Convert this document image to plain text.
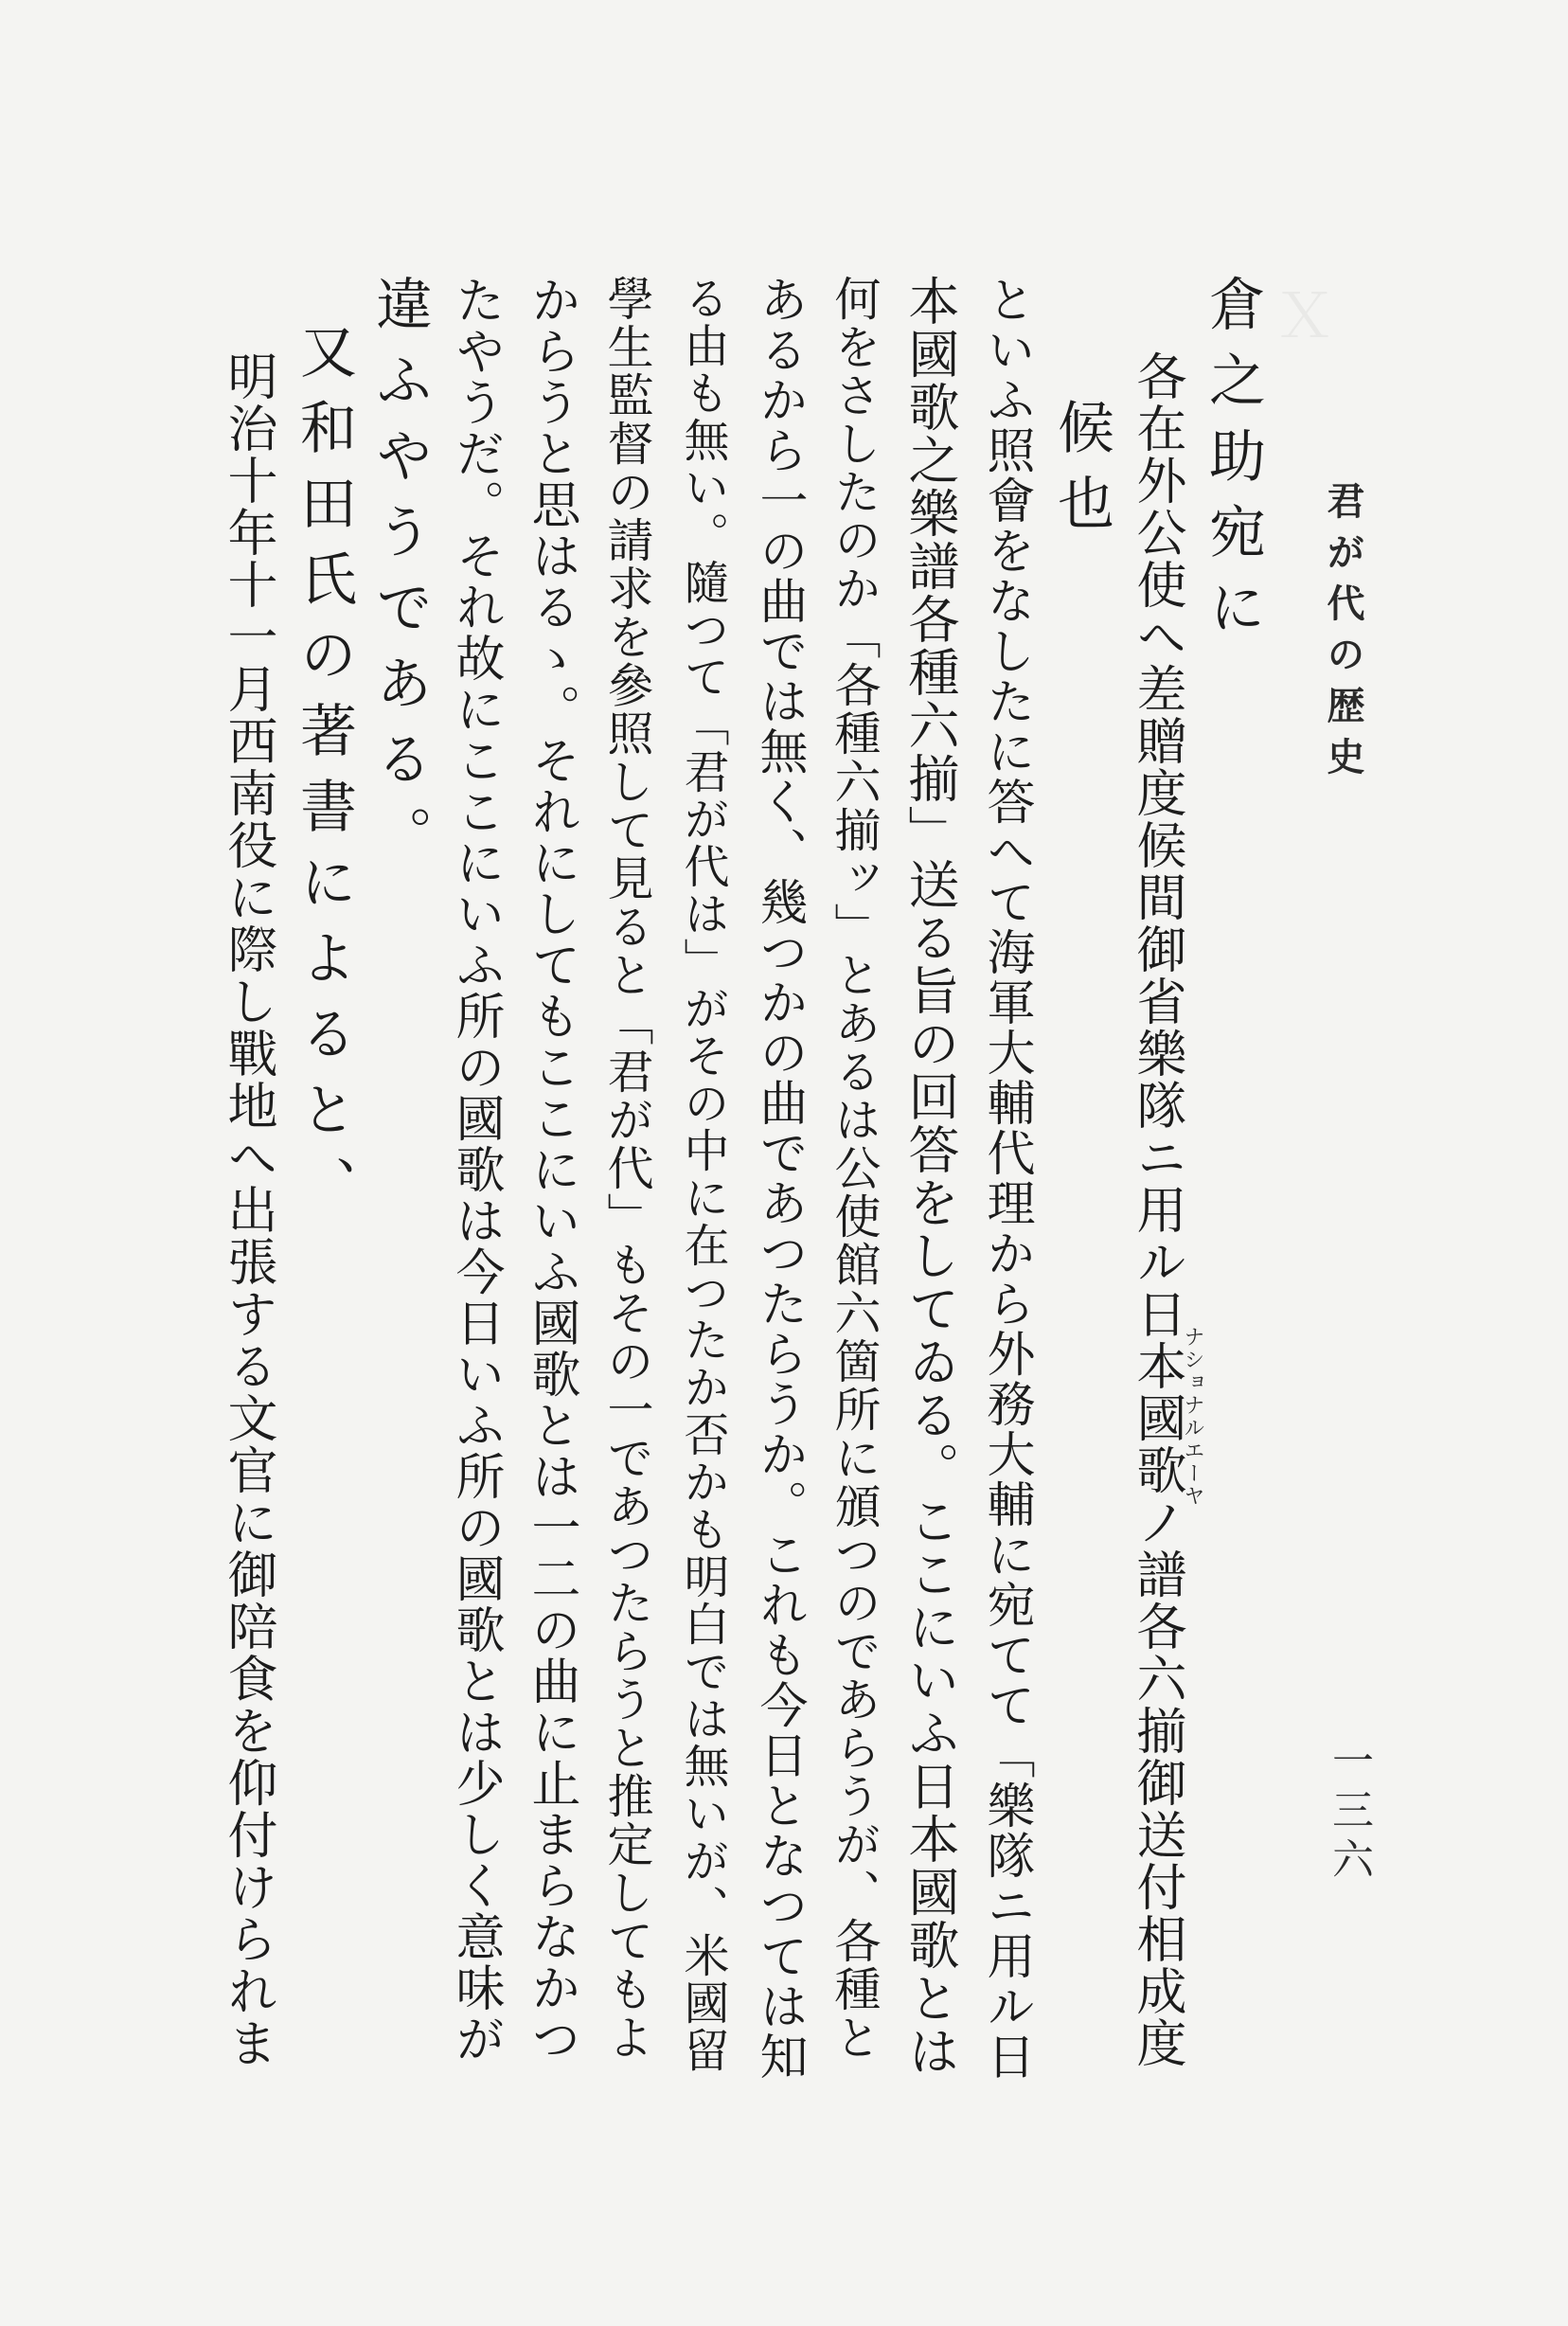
君が代の歴史
一三六
倉之助宛に
各在外公使へ差贈度候間御省樂隊ニ用ル日本國歌ノ譜各六揃御送付相成度
ナショナルエーヤ
候也
といふ照會をなしたに答へて海軍大輔代理から外務大輔に宛てて「樂隊ニ用ル日
本國歌之樂譜各種六揃」送る旨の回答をしてゐる。ここにいふ日本國歌とは
何をさしたのか「各種六揃ッ」とあるは公使館六箇所に頒つのであらうが、各種と
あるから一の曲では無く、幾つかの曲であつたらうか。これも今日となつては知
る由も無い。隨つて「君が代は」がその中に在つたか否かも明白では無いが、米國留
學生監督の請求を參照して見ると「君が代」もその一であつたらうと推定してもよ
からうと思はるゝ。それにしてもここにいふ國歌とは一二の曲に止まらなかつ
たやうだ。それ故にここにいふ所の國歌は今日いふ所の國歌とは少しく意味が
違ふやうである。
又和田氏の著書によると、
明治十年十一月西南役に際し戰地へ出張する文官に御陪食を仰付けられま
